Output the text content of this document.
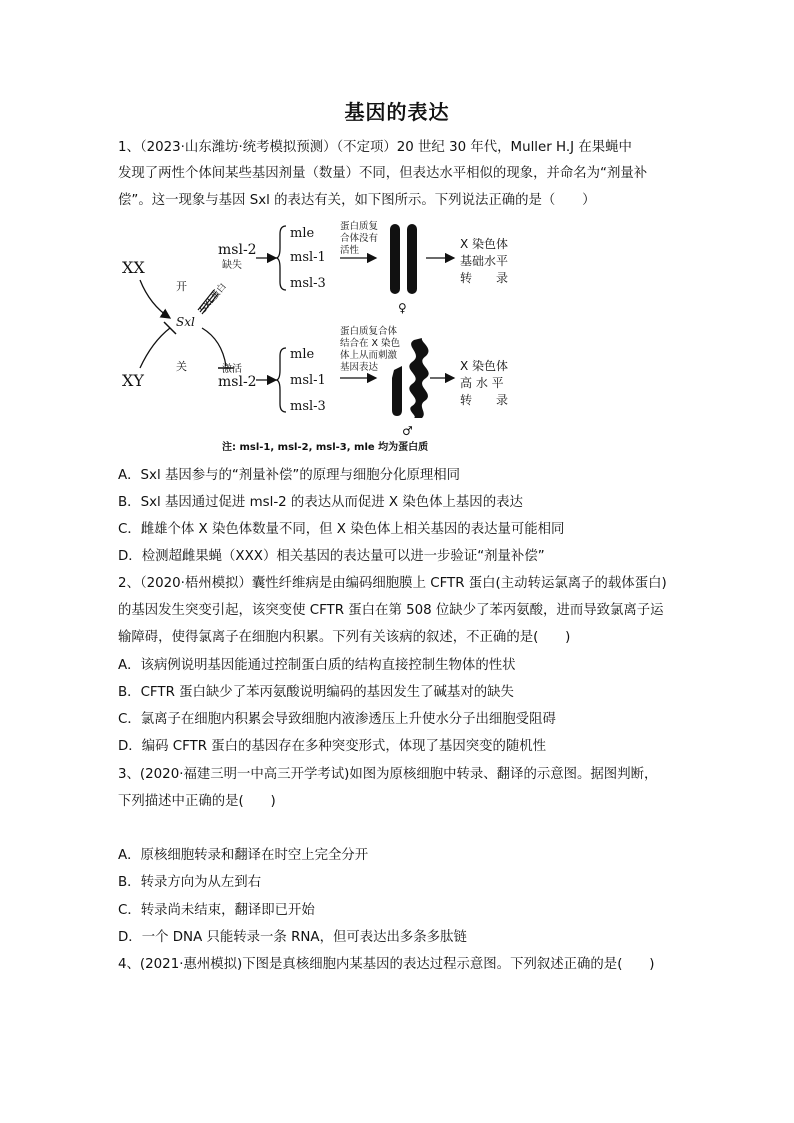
基因的表达
1、（2023·山东潍坊·统考模拟预测）（不定项）20 世纪 30 年代，Muller H.J 在果蝇中
发现了两性个体间某些基因剂量（数量）不同，但表达水平相似的现象，并命名为“剂量补
偿”。这一现象与基因 Sxl 的表达有关，如下图所示。下列说法正确的是（　　）
XX
XY
开
关
Sxl
SXL蛋白
msl-2
缺失
mle
msl-1
msl-3
蛋白质复
合体没有
活性
♀
X 染色体
基础水平
转　　录
激活
msl-2
mle
msl-1
msl-3
蛋白质复合体
结合在 X 染色
体上从而刺激
基因表达
♂
X 染色体
高 水 平
转　　录
注: msl-1, msl-2, msl-3, mle 均为蛋白质
A．Sxl 基因参与的“剂量补偿”的原理与细胞分化原理相同
B．Sxl 基因通过促进 msl-2 的表达从而促进 X 染色体上基因的表达
C．雌雄个体 X 染色体数量不同，但 X 染色体上相关基因的表达量可能相同
D．检测超雌果蝇（XXX）相关基因的表达量可以进一步验证“剂量补偿”
2、（2020·梧州模拟）囊性纤维病是由编码细胞膜上 CFTR 蛋白(主动转运氯离子的载体蛋白)
的基因发生突变引起，该突变使 CFTR 蛋白在第 508 位缺少了苯丙氨酸，进而导致氯离子运
输障碍，使得氯离子在细胞内积累。下列有关该病的叙述，不正确的是(　　)
A．该病例说明基因能通过控制蛋白质的结构直接控制生物体的性状
B．CFTR 蛋白缺少了苯丙氨酸说明编码的基因发生了碱基对的缺失
C．氯离子在细胞内积累会导致细胞内液渗透压上升使水分子出细胞受阻碍
D．编码 CFTR 蛋白的基因存在多种突变形式，体现了基因突变的随机性
3、(2020·福建三明一中高三开学考试)如图为原核细胞中转录、翻译的示意图。据图判断，
下列描述中正确的是(　　)
A．原核细胞转录和翻译在时空上完全分开
B．转录方向为从左到右
C．转录尚未结束，翻译即已开始
D．一个 DNA 只能转录一条 RNA，但可表达出多条多肽链
4、(2021·惠州模拟)下图是真核细胞内某基因的表达过程示意图。下列叙述正确的是(　　)
